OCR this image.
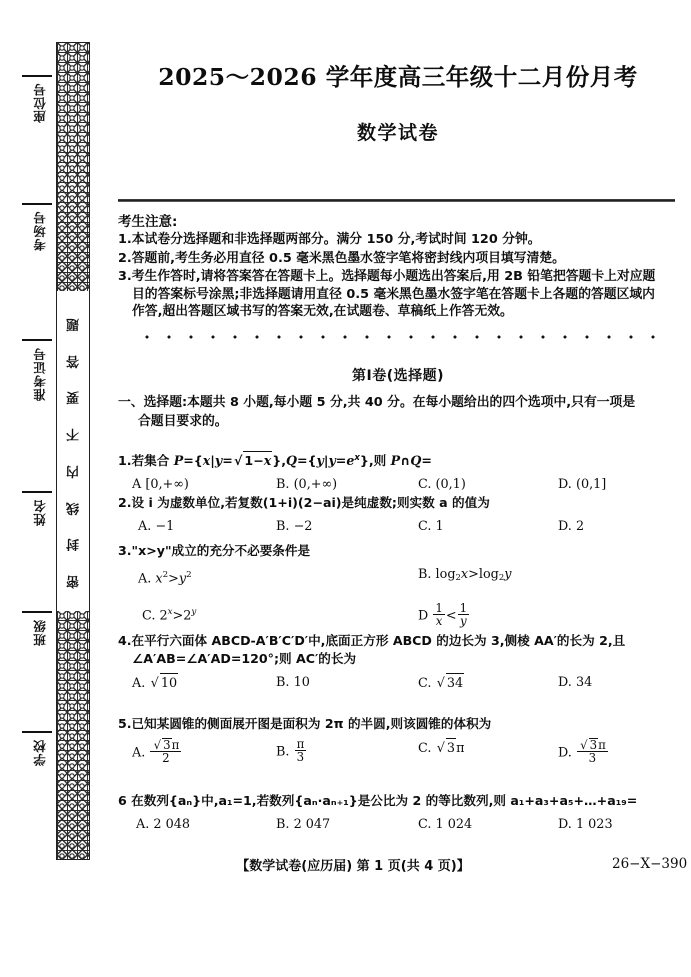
座位号
考场号
准考证号
姓名
班级
学校
题
答
要
不
内
线
封
密
2025～2026 学年度高三年级十二月份月考
数学试卷
考生注意:
1.本试卷分选择题和非选择题两部分。满分 150 分,考试时间 120 分钟。
2.答题前,考生务必用直径 0.5 毫米黑色墨水签字笔将密封线内项目填写清楚。
3.考生作答时,请将答案答在答题卡上。选择题每小题选出答案后,用 2B 铅笔把答题卡上对应题
目的答案标号涂黑;非选择题请用直径 0.5 毫米黑色墨水签字笔在答题卡上各题的答题区域内
作答,超出答题区域书写的答案无效,在试题卷、草稿纸上作答无效。
第Ⅰ卷(选择题)
一、选择题:本题共 8 小题,每小题 5 分,共 40 分。在每小题给出的四个选项中,只有一项是
合题目要求的。
1.若集合 P={x|y=√ $1-x\},Q=\{y|y=e^x\}$,则 P∩Q=
A [0,+∞)	B. (0,+∞)	C. (0,1)	D. (0,1]
2.设 i 为虚数单位,若复数(1+i)(2−ai)是纯虚数;则实数 a 的值为
A. −1	B. −2	C. 1	D. 2
3."x>y"成立的充分不必要条件是
A. $x^2>y^2$	B. $\log_2x>\log_2y$
C. $2^x>2^y$	D $\frac{1}{x} < \frac{1}{y}$
4.在平行六面体 ABCD‑A′B′C′D′中,底面正方形 ABCD 的边长为 3,侧棱 AA′的长为 2,且
∠A′AB=∠A′AD=120°;则 AC′的长为
A. √ 10	B. 10	C. √ 34	D. 34
5.已知某圆锥的侧面展开图是面积为 2π 的半圆,则该圆锥的体积为
A. $\frac{√ 3\pi}{2}$	B. $\frac{\pi}{3}$	C. √ 3π	D. $\frac{√ 3\pi}{3}$
6 在数列{aₙ}中,a₁=1,若数列{aₙ·aₙ₊₁}是公比为 2 的等比数列,则 a₁+a₃+a₅+…+a₁₉=
A. 2 048	B. 2 047	C. 1 024	D. 1 023
【数学试卷(应历届) 第 1 页(共 4 页)】	26−X−390
